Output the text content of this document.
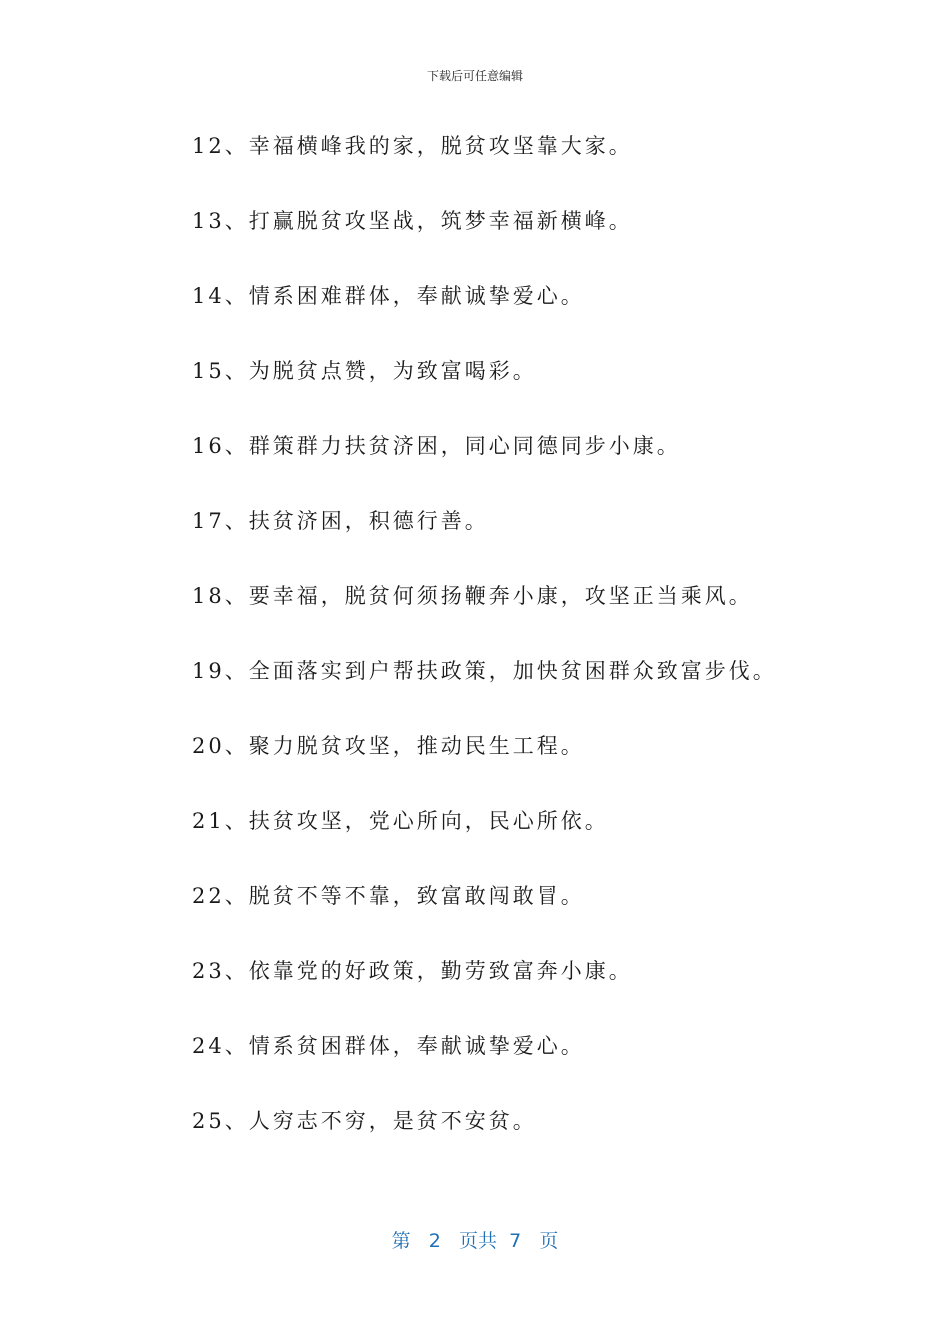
下载后可任意编辑
12、幸福横峰我的家，脱贫攻坚靠大家。
13、打赢脱贫攻坚战，筑梦幸福新横峰。
14、情系困难群体，奉献诚挚爱心。
15、为脱贫点赞，为致富喝彩。
16、群策群力扶贫济困，同心同德同步小康。
17、扶贫济困，积德行善。
18、要幸福，脱贫何须扬鞭奔小康，攻坚正当乘风。
19、全面落实到户帮扶政策，加快贫困群众致富步伐。
20、聚力脱贫攻坚，推动民生工程。
21、扶贫攻坚，党心所向，民心所依。
22、脱贫不等不靠，致富敢闯敢冒。
23、依靠党的好政策，勤劳致富奔小康。
24、情系贫困群体，奉献诚挚爱心。
25、人穷志不穷，是贫不安贫。
第 2 页共 7 页
